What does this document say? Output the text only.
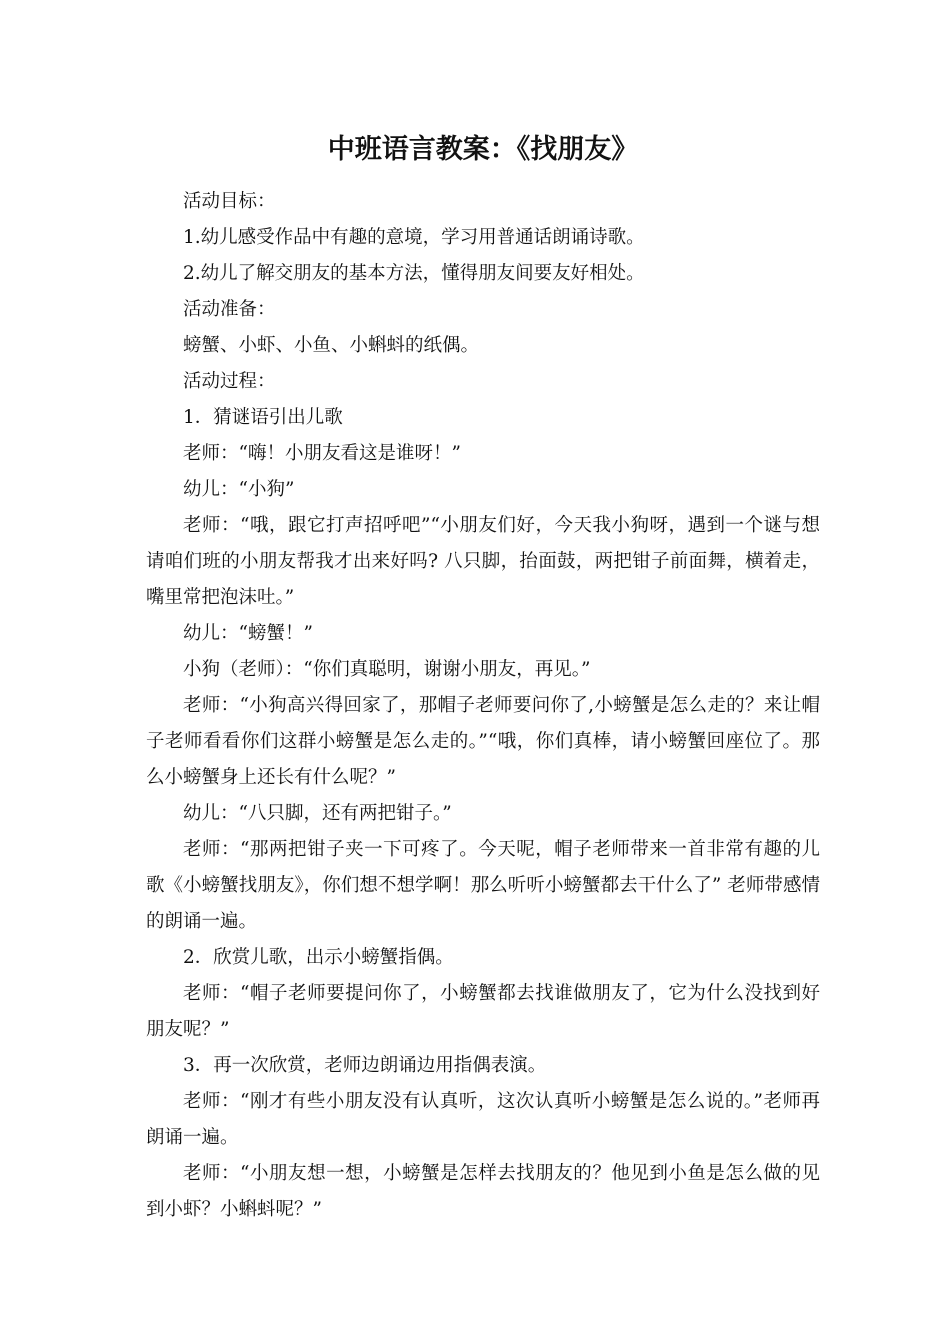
中班语言教案：《找朋友》

活动目标：

1.幼儿感受作品中有趣的意境，学习用普通话朗诵诗歌。

2.幼儿了解交朋友的基本方法，懂得朋友间要友好相处。

活动准备：

螃蟹、小虾、小鱼、小蝌蚪的纸偶。

活动过程：

1．猜谜语引出儿歌

老师：“嗨！小朋友看这是谁呀！”

幼儿：“小狗”

老师：“哦，跟它打声招呼吧”“小朋友们好，今天我小狗呀，遇到一个谜与想请咱们班的小朋友帮我才出来好吗? 八只脚，抬面鼓，两把钳子前面舞，横着走，嘴里常把泡沫吐。”

幼儿：“螃蟹！”

小狗（老师）：“你们真聪明，谢谢小朋友，再见。”

老师：“小狗高兴得回家了，那帽子老师要问你了,小螃蟹是怎么走的？来让帽子老师看看你们这群小螃蟹是怎么走的。”“哦，你们真棒，请小螃蟹回座位了。那么小螃蟹身上还长有什么呢？”

幼儿：“八只脚，还有两把钳子。”

老师：“那两把钳子夹一下可疼了。今天呢，帽子老师带来一首非常有趣的儿歌《小螃蟹找朋友》，你们想不想学啊！那么听听小螃蟹都去干什么了” 老师带感情的朗诵一遍。

2．欣赏儿歌，出示小螃蟹指偶。

老师：“帽子老师要提问你了，小螃蟹都去找谁做朋友了，它为什么没找到好朋友呢？”

3．再一次欣赏，老师边朗诵边用指偶表演。

老师：“刚才有些小朋友没有认真听，这次认真听小螃蟹是怎么说的。”老师再朗诵一遍。

老师：“小朋友想一想，小螃蟹是怎样去找朋友的？他见到小鱼是怎么做的见到小虾？小蝌蚪呢？”
